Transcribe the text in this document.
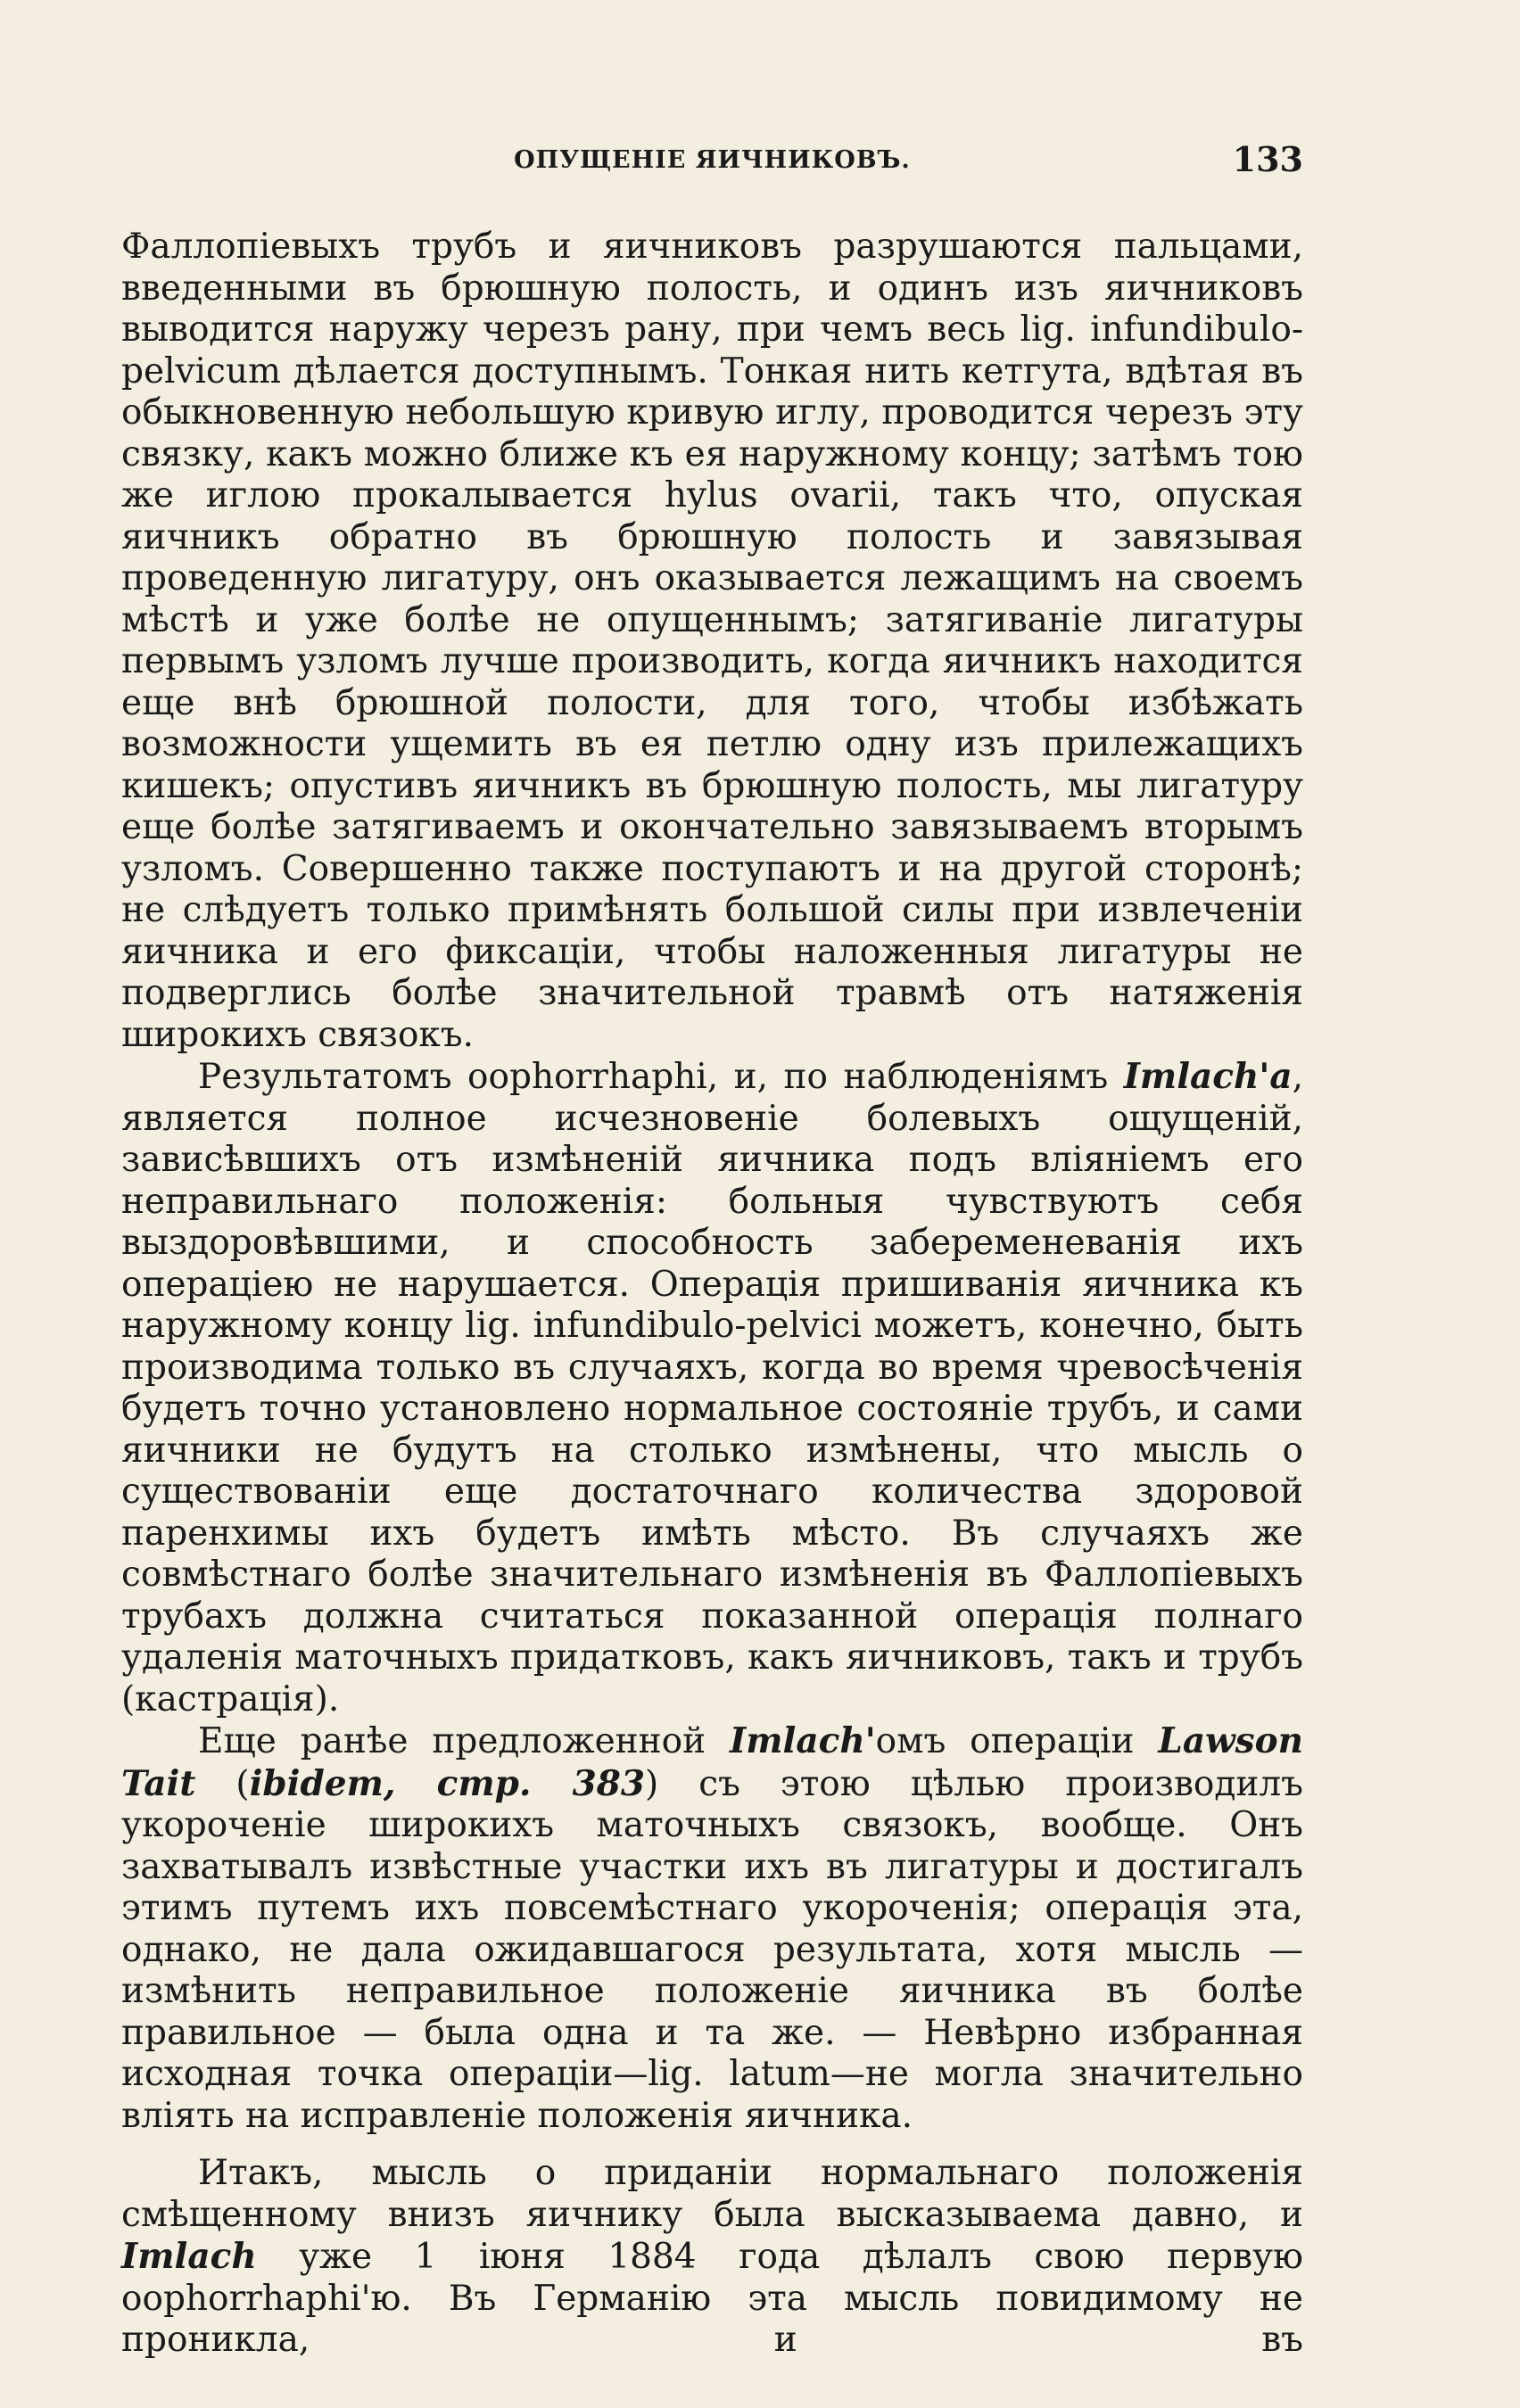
ОПУЩЕНІЕ ЯИЧНИКОВЪ.	133

Фаллопіевыхъ трубъ и яичниковъ разрушаются пальцами, введенными въ брюшную полость, и одинъ изъ яичниковъ выводится наружу черезъ рану, при чемъ весь lig. infundibulo-pelvicum дѣлается доступнымъ. Тонкая нить кетгута, вдѣтая въ обыкновенную небольшую кривую иглу, проводится черезъ эту связку, какъ можно ближе къ ея наружному концу; затѣмъ тою же иглою прокалывается hylus ovarii, такъ что, опуская яичникъ обратно въ брюшную полость и завязывая проведенную лигатуру, онъ оказывается лежащимъ на своемъ мѣстѣ и уже болѣе не опущеннымъ; затягиваніе лигатуры первымъ узломъ лучше производить, когда яичникъ находится еще внѣ брюшной полости, для того, чтобы избѣжать возможности ущемить въ ея петлю одну изъ прилежащихъ кишекъ; опустивъ яичникъ въ брюшную полость, мы лигатуру еще болѣе затягиваемъ и окончательно завязываемъ вторымъ узломъ. Совершенно также поступаютъ и на другой сторонѣ; не слѣдуетъ только примѣнять большой силы при извлеченіи яичника и его фиксаціи, чтобы наложенныя лигатуры не подверглись болѣе значительной травмѣ отъ натяженія широкихъ связокъ.

Результатомъ oophorrhaphi, и, по наблюденіямъ Imlach'a, является полное исчезновеніе болевыхъ ощущеній, зависѣвшихъ отъ измѣненій яичника подъ вліяніемъ его неправильнаго положенія: больныя чувствуютъ себя выздоровѣвшими, и способность забеременеванія ихъ операціею не нарушается. Операція пришиванія яичника къ наружному концу lig. infundibulo-pelvici можетъ, конечно, быть производима только въ случаяхъ, когда во время чревосѣченія будетъ точно установлено нормальное состояніе трубъ, и сами яичники не будутъ на столько измѣнены, что мысль о существованіи еще достаточнаго количества здоровой паренхимы ихъ будетъ имѣть мѣсто. Въ случаяхъ же совмѣстнаго болѣе значительнаго измѣненія въ Фаллопіевыхъ трубахъ должна считаться показанной операція полнаго удаленія маточныхъ придатковъ, какъ яичниковъ, такъ и трубъ (кастрація).

Еще ранѣе предложенной Imlach'омъ операціи Lawson Tait (ibidem, стр. 383) съ этою цѣлью производилъ укороченіе широкихъ маточныхъ связокъ, вообще. Онъ захватывалъ извѣстные участки ихъ въ лигатуры и достигалъ этимъ путемъ ихъ повсемѣстнаго укороченія; операція эта, однако, не дала ожидавшагося результата, хотя мысль — измѣнить неправильное положеніе яичника въ болѣе правильное — была одна и та же. — Невѣрно избранная исходная точка операціи—lig. latum—не могла значительно вліять на исправленіе положенія яичника.

Итакъ, мысль о приданіи нормальнаго положенія смѣщенному внизъ яичнику была высказываема давно, и Imlach уже 1 іюня 1884 года дѣлалъ свою первую oophorrhaphi'ю. Въ Германію эта мысль повидимому не проникла, и въ
